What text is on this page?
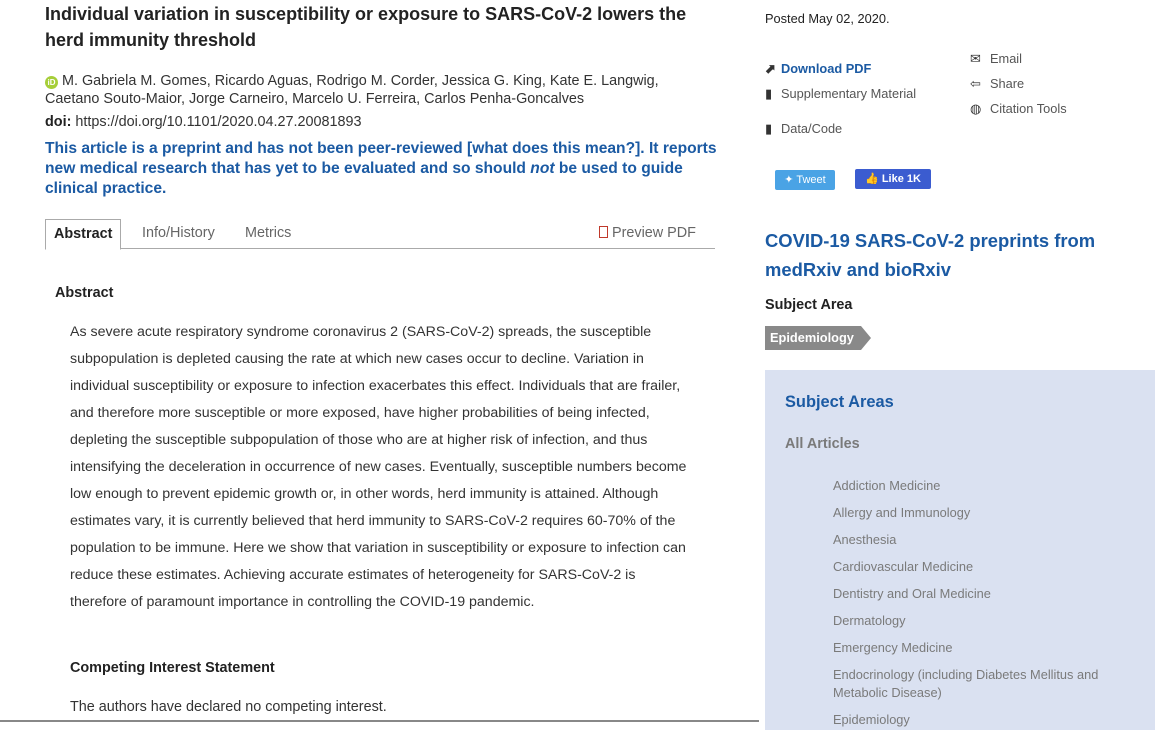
Individual variation in susceptibility or exposure to SARS-CoV-2 lowers the herd immunity threshold
iD M. Gabriela M. Gomes, Ricardo Aguas, Rodrigo M. Corder, Jessica G. King, Kate E. Langwig, Caetano Souto-Maior, Jorge Carneiro, Marcelo U. Ferreira, Carlos Penha-Goncalves
doi: https://doi.org/10.1101/2020.04.27.20081893
This article is a preprint and has not been peer-reviewed [what does this mean?]. It reports new medical research that has yet to be evaluated and so should not be used to guide clinical practice.
Abstract	Info/History Metrics	Preview PDF
Abstract

As severe acute respiratory syndrome coronavirus 2 (SARS-CoV-2) spreads, the susceptible subpopulation is depleted causing the rate at which new cases occur to decline. Variation in individual susceptibility or exposure to infection exacerbates this effect. Individuals that are frailer, and therefore more susceptible or more exposed, have higher probabilities of being infected, depleting the susceptible subpopulation of those who are at higher risk of infection, and thus intensifying the deceleration in occurrence of new cases. Eventually, susceptible numbers become low enough to prevent epidemic growth or, in other words, herd immunity is attained. Although estimates vary, it is currently believed that herd immunity to SARS-CoV-2 requires 60-70% of the population to be immune. Here we show that variation in susceptibility or exposure to infection can reduce these estimates. Achieving accurate estimates of heterogeneity for SARS-CoV-2 is therefore of paramount importance in controlling the COVID-19 pandemic.

Competing Interest Statement
The authors have declared no competing interest.
Posted May 02, 2020.
⬈ Download PDF
▮ Supplementary Material
▮ Data/Code
✉ Email
⇦ Share
◍ Citation Tools
✦ Tweet	👍 Like 1K
COVID-19 SARS-CoV-2 preprints from medRxiv and bioRxiv
Subject Area
Epidemiology
Subject Areas
All Articles
Addiction Medicine
Allergy and Immunology
Anesthesia
Cardiovascular Medicine
Dentistry and Oral Medicine
Dermatology
Emergency Medicine
Endocrinology (including Diabetes Mellitus and Metabolic Disease)
Epidemiology
